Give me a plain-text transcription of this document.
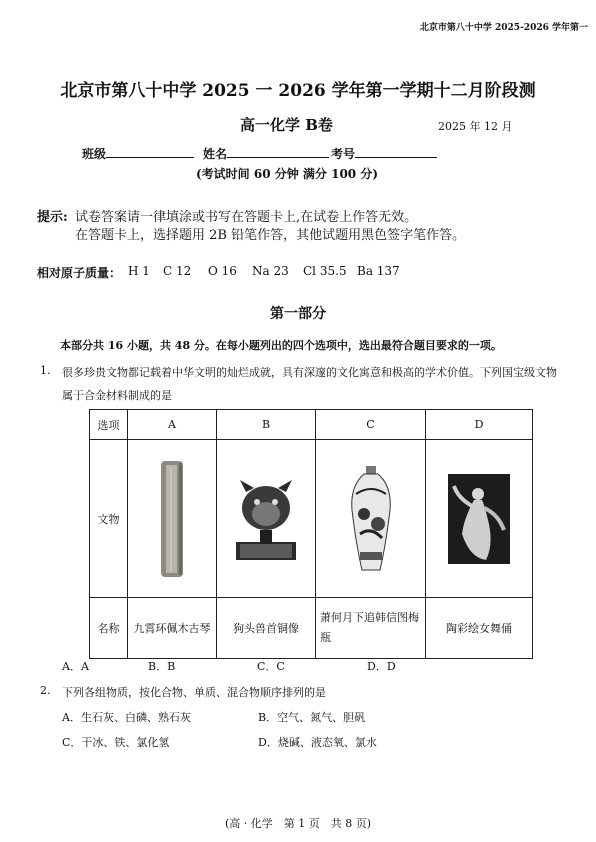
北京市第八十中学 2025-2026 学年第一
北京市第八十中学 2025 一 2026 学年第一学期十二月阶段测
高一化学 B卷	2025 年 12 月
班级	姓名	考号
(考试时间 60 分钟 满分 100 分)
提示: 试卷答案请一律填涂或书写在答题卡上,在试卷上作答无效。
在答题卡上，选择题用 2B 铅笔作答，其他试题用黑色签字笔作答。
相对原子质量： H 1 C 12 O 16 Na 23 Cl 35.5 Ba 137
第一部分
本部分共 16 小题，共 48 分。在每小题列出的四个选项中，选出最符合题目要求的一项。
1. 很多珍贵文物都记载着中华文明的灿烂成就，具有深邃的文化寓意和极高的学术价值。下列国宝级文物
属于合金材料制成的是
选项	A	B	C	D
文物	

名称	九霄环佩木古琴	狗头兽首铜像	萧何月下追韩信图梅瓶	陶彩绘女舞俑
A．A	B．B	C．C	D．D
2. 下列各组物质，按化合物、单质、混合物顺序排列的是
A．生石灰、白磷、熟石灰	B．空气、氮气、胆矾
C．干冰、铁、氯化氢	D．烧碱、液态氧、氯水
(高 · 化学　第 1 页　共 8 页)
